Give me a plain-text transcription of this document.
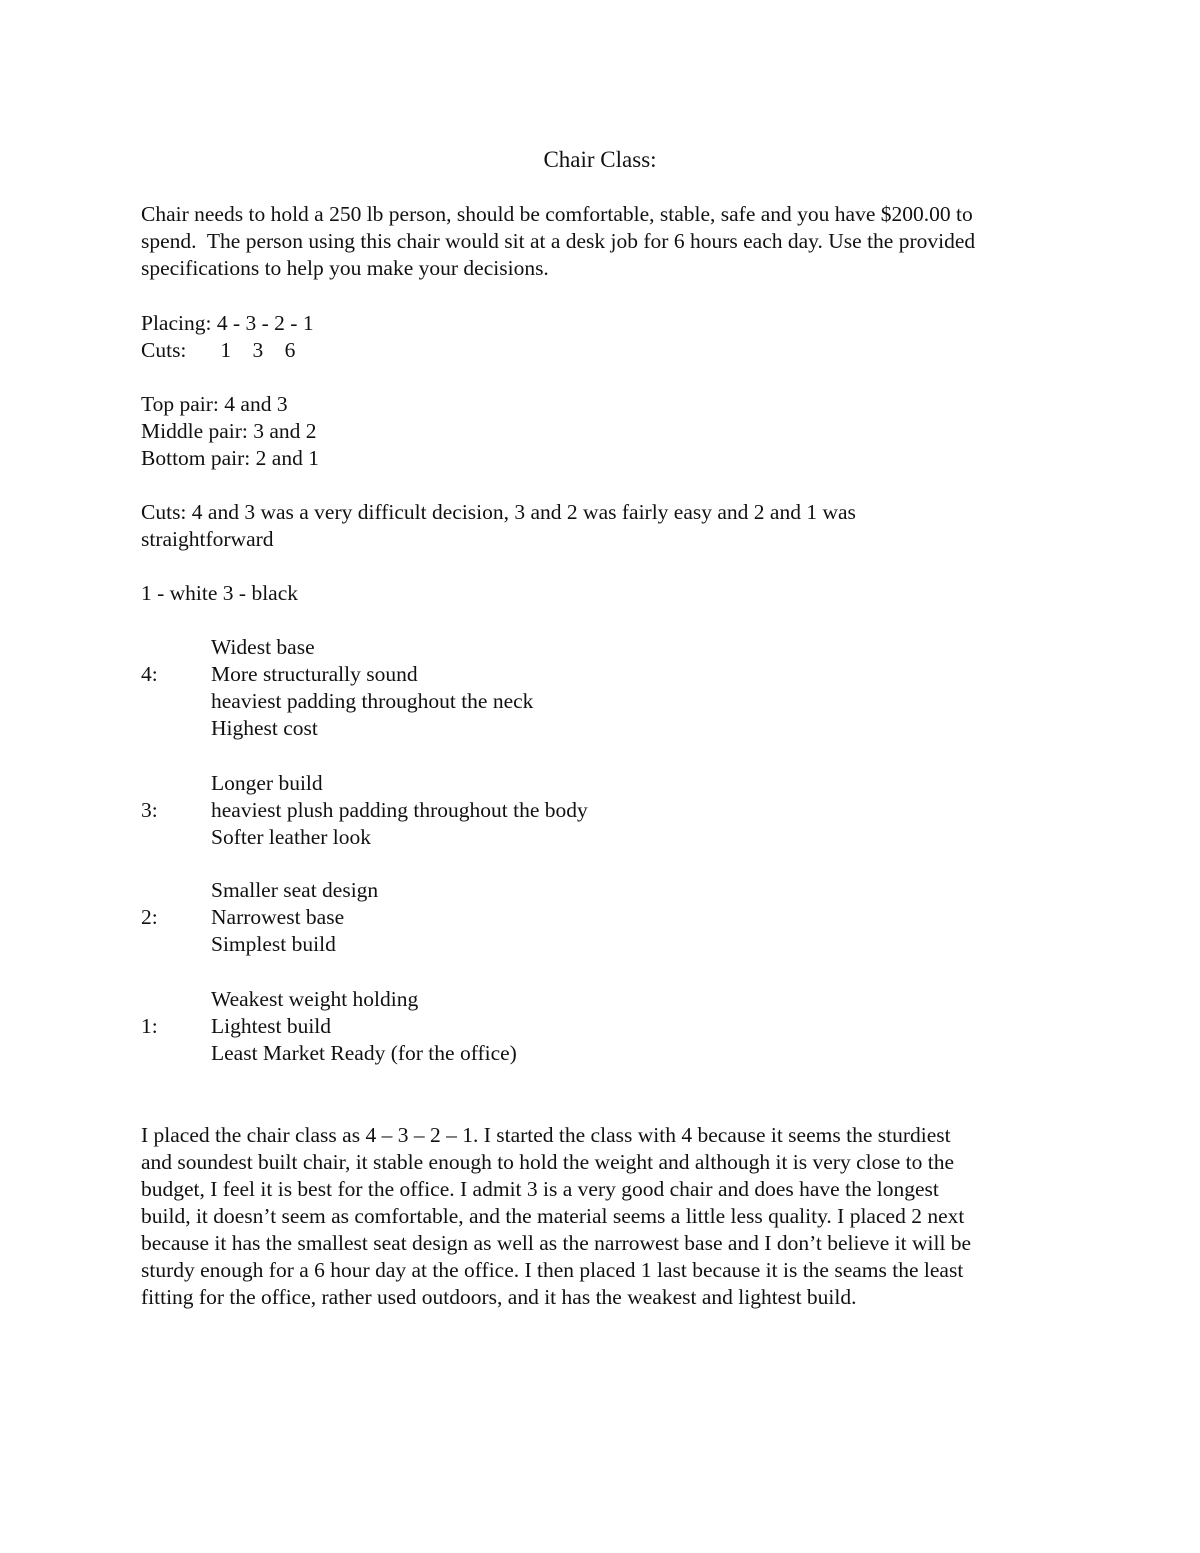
Chair Class:
Chair needs to hold a 250 lb person, should be comfortable, stable, safe and you have $200.00 to
spend.  The person using this chair would sit at a desk job for 6 hours each day. Use the provided
specifications to help you make your decisions.
Placing: 4 - 3 - 2 - 1
Cuts: 1 3 6
Top pair: 4 and 3
Middle pair: 3 and 2
Bottom pair: 2 and 1
Cuts: 4 and 3 was a very difficult decision, 3 and 2 was fairly easy and 2 and 1 was
straightforward
1 - white 3 - black
4:
Widest base
More structurally sound
heaviest padding throughout the neck
Highest cost
3:
Longer build
heaviest plush padding throughout the body
Softer leather look
2:
Smaller seat design
Narrowest base
Simplest build
1:
Weakest weight holding
Lightest build
Least Market Ready (for the office)
I placed the chair class as 4 – 3 – 2 – 1. I started the class with 4 because it seems the sturdiest
and soundest built chair, it stable enough to hold the weight and although it is very close to the
budget, I feel it is best for the office. I admit 3 is a very good chair and does have the longest
build, it doesn’t seem as comfortable, and the material seems a little less quality. I placed 2 next
because it has the smallest seat design as well as the narrowest base and I don’t believe it will be
sturdy enough for a 6 hour day at the office. I then placed 1 last because it is the seams the least
fitting for the office, rather used outdoors, and it has the weakest and lightest build.
